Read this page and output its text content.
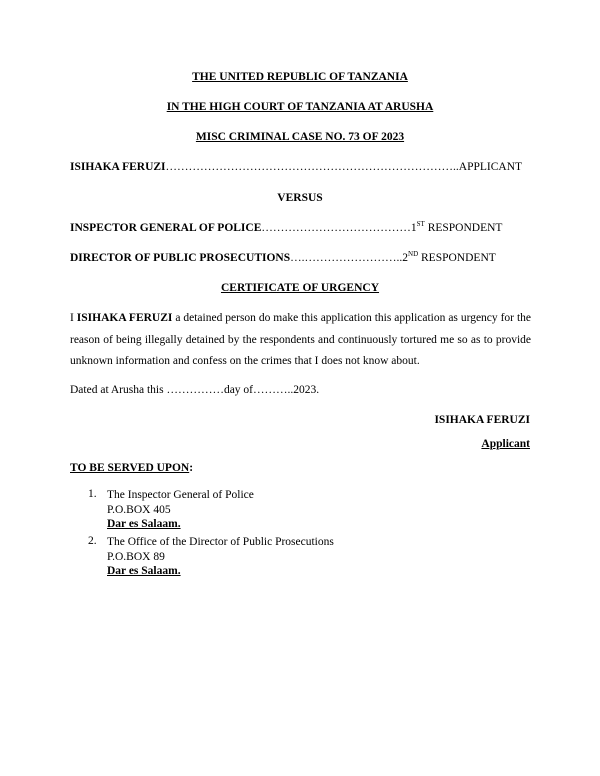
THE UNITED REPUBLIC OF TANZANIA
IN THE HIGH COURT OF TANZANIA AT ARUSHA
MISC CRIMINAL CASE NO. 73 OF 2023
ISIHAKA FERUZI…………………………………………………………………..APPLICANT
VERSUS
INSPECTOR GENERAL OF POLICE…………………………………1ST RESPONDENT
DIRECTOR OF PUBLIC PROSECUTIONS….……………………..2ND RESPONDENT
CERTIFICATE OF URGENCY

I ISIHAKA FERUZI a detained person do make this application this application as urgency for the reason of being illegally detained by the respondents and continuously tortured me so as to provide unknown information and confess on the crimes that I does not know about.

Dated at Arusha this ……………day of………..2023.
ISIHAKA FERUZI
Applicant
TO BE SERVED UPON:
1. The Inspector General of Police
P.O.BOX 405
Dar es Salaam.
2. The Office of the Director of Public Prosecutions
P.O.BOX 89
Dar es Salaam.
